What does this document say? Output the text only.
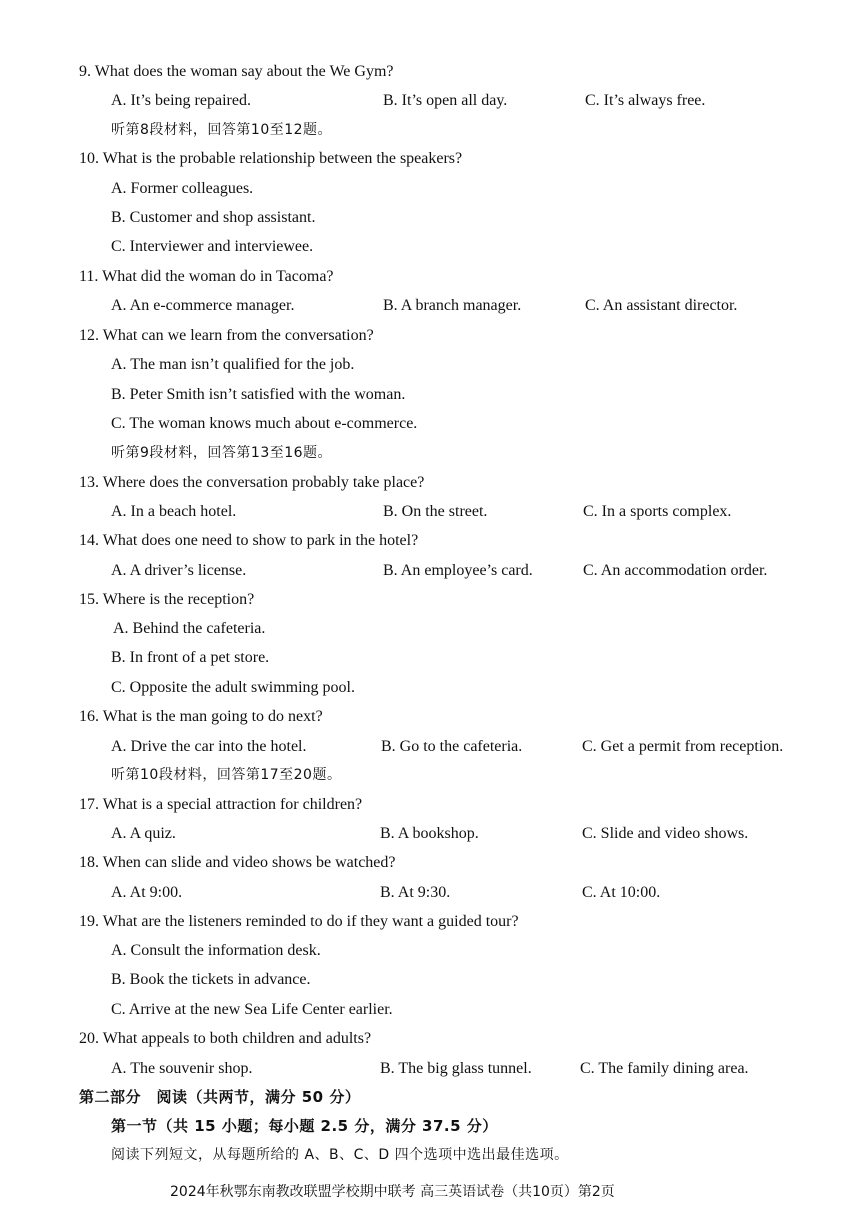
9. What does the woman say about the We Gym?
A. It’s being repaired.	B. It’s open all day.	C. It’s always free.
听第8段材料，回答第10至12题。
10. What is the probable relationship between the speakers?
A. Former colleagues.
B. Customer and shop assistant.
C. Interviewer and interviewee.
11. What did the woman do in Tacoma?
A. An e-commerce manager.	B. A branch manager.	C. An assistant director.
12. What can we learn from the conversation?
A. The man isn’t qualified for the job.
B. Peter Smith isn’t satisfied with the woman.
C. The woman knows much about e-commerce.
听第9段材料，回答第13至16题。
13. Where does the conversation probably take place?
A. In a beach hotel.	B. On the street.	C. In a sports complex.
14. What does one need to show to park in the hotel?
A. A driver’s license.	B. An employee’s card.	C. An accommodation order.
15. Where is the reception?
A. Behind the cafeteria.
B. In front of a pet store.
C. Opposite the adult swimming pool.
16. What is the man going to do next?
A. Drive the car into the hotel.	B. Go to the cafeteria.	C. Get a permit from reception.
听第10段材料，回答第17至20题。
17. What is a special attraction for children?
A. A quiz.	B. A bookshop.	C. Slide and video shows.
18. When can slide and video shows be watched?
A. At 9:00.	B. At 9:30.	C. At 10:00.
19. What are the listeners reminded to do if they want a guided tour?
A. Consult the information desk.
B. Book the tickets in advance.
C. Arrive at the new Sea Life Center earlier.
20. What appeals to both children and adults?
A. The souvenir shop.	B. The big glass tunnel.	C. The family dining area.
第二部分　阅读（共两节，满分 50 分）
第一节（共 15 小题；每小题 2.5 分，满分 37.5 分）
阅读下列短文，从每题所给的 A、B、C、D 四个选项中选出最佳选项。
2024年秋鄂东南教改联盟学校期中联考 高三英语试卷（共10页）第2页
